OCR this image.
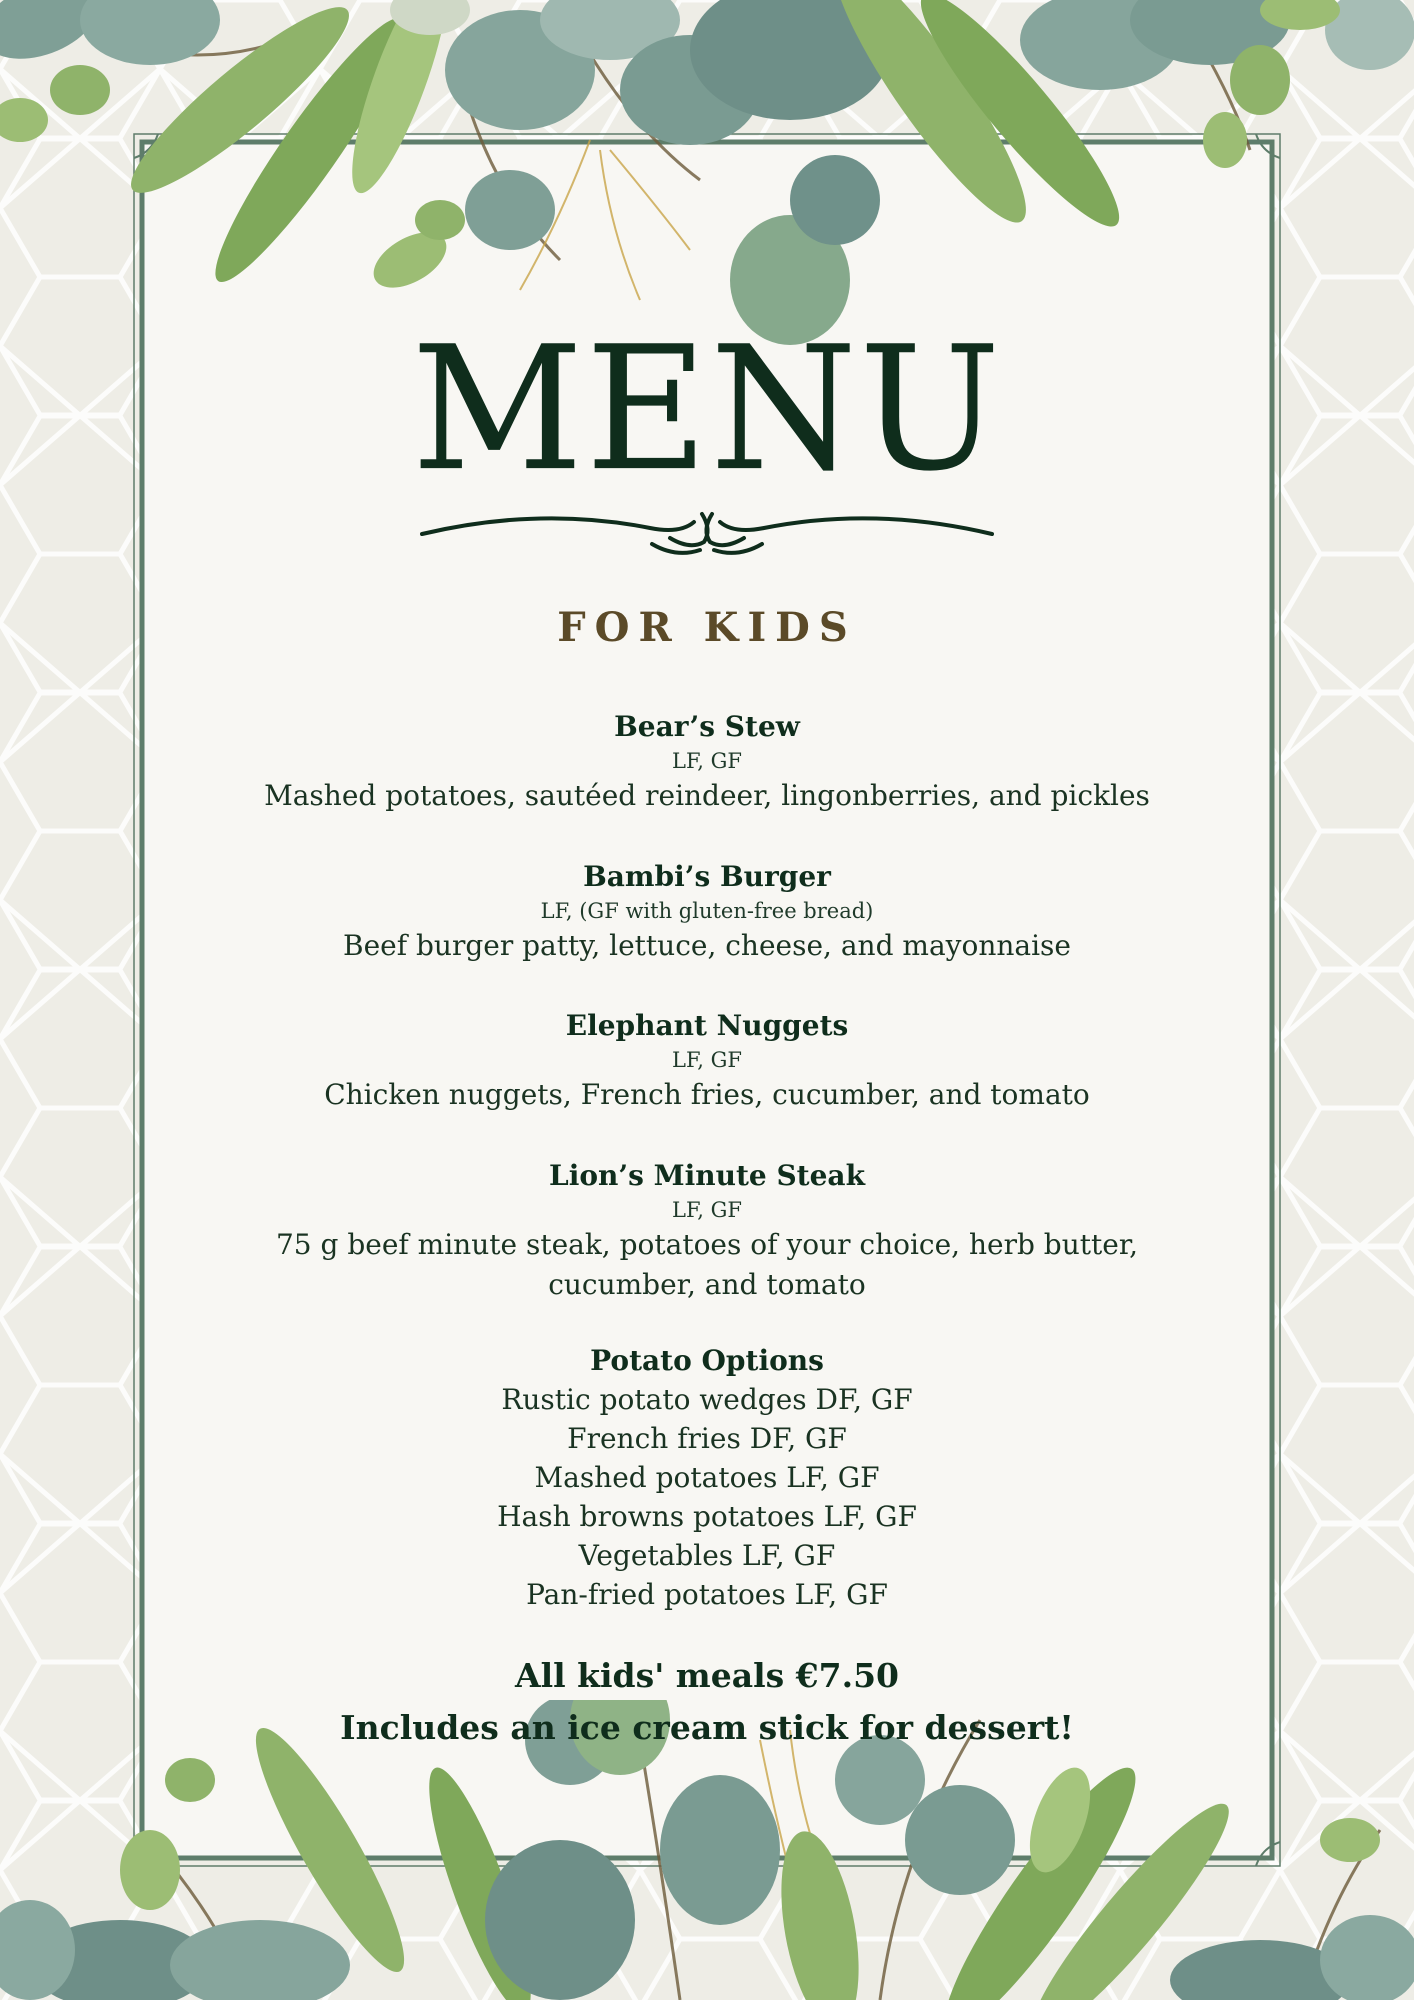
MENU
FOR KIDS
Bear’s Stew
LF, GF
Mashed potatoes, sautéed reindeer, lingonberries, and pickles
Bambi’s Burger
LF, (GF with gluten-free bread)
Beef burger patty, lettuce, cheese, and mayonnaise
Elephant Nuggets
LF, GF
Chicken nuggets, French fries, cucumber, and tomato
Lion’s Minute Steak
LF, GF
75 g beef minute steak, potatoes of your choice, herb butter,
cucumber, and tomato
Potato Options
Rustic potato wedges DF, GF
French fries DF, GF
Mashed potatoes LF, GF
Hash browns potatoes LF, GF
Vegetables LF, GF
Pan-fried potatoes LF, GF
All kids' meals €7.50
Includes an ice cream stick for dessert!
